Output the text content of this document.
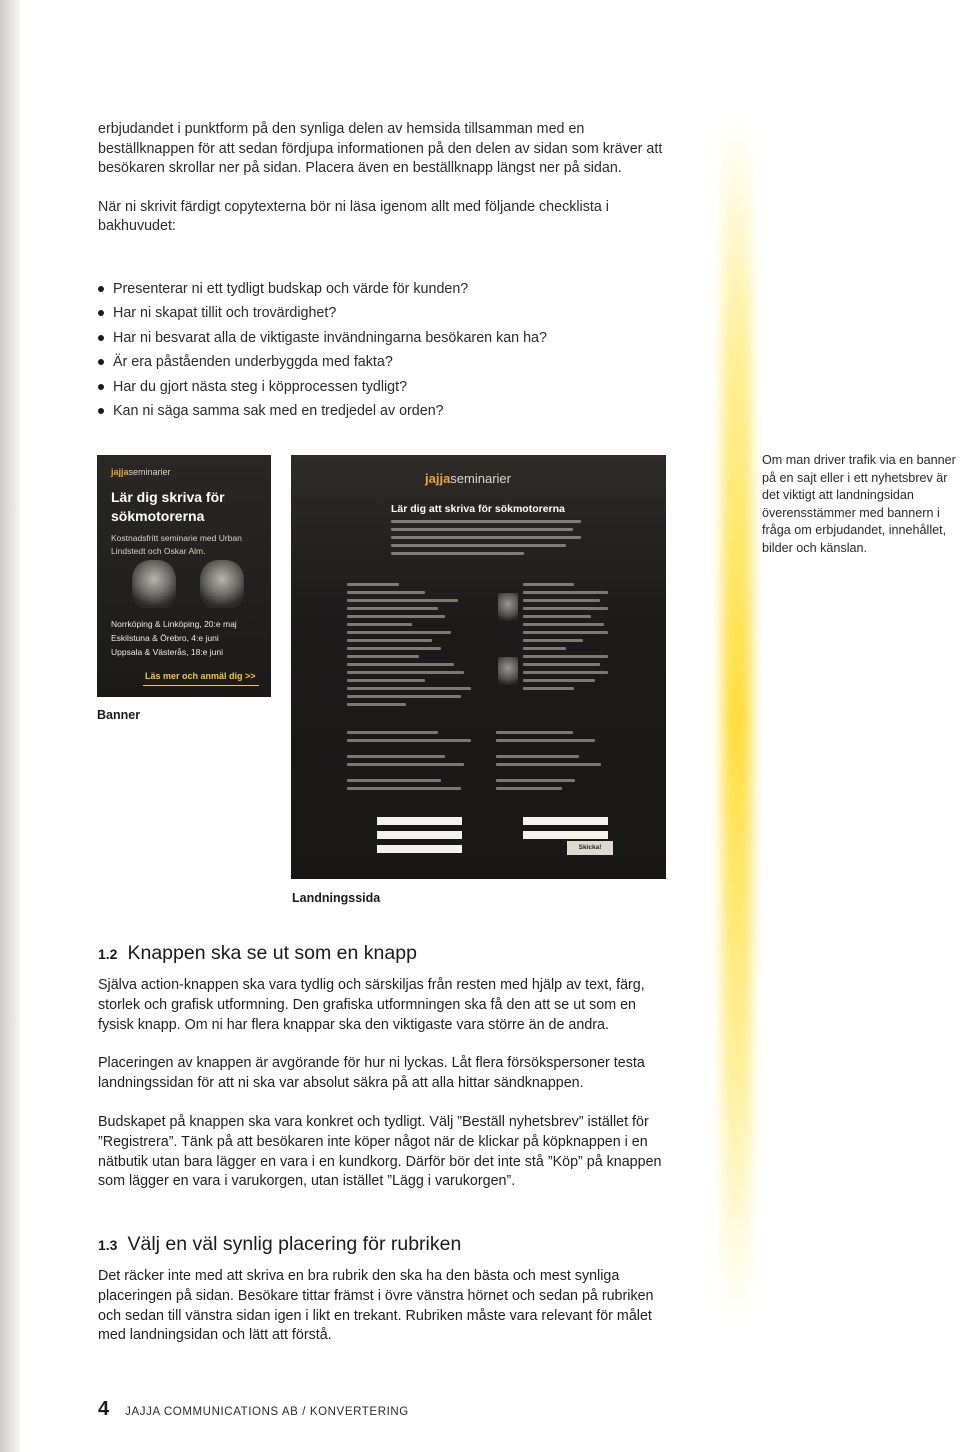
erbjudandet i punktform på den synliga delen av hemsida tillsamman med en beställknappen för att sedan fördjupa informationen på den delen av sidan som kräver att besökaren skrollar ner på sidan. Placera även en beställknapp längst ner på sidan.

När ni skrivit färdigt copytexterna bör ni läsa igenom allt med följande checklista i bakhuvudet:

Presenterar ni ett tydligt budskap och värde för kunden?
Har ni skapat tillit och trovärdighet?
Har ni besvarat alla de viktigaste invändningarna besökaren kan ha?
Är era påståenden underbyggda med fakta?
Har du gjort nästa steg i köpprocessen tydligt?
Kan ni säga samma sak med en tredjedel av orden?
jajjaseminarier
Lär dig skriva för sökmotorerna
Kostnadsfritt seminarie med Urban Lindstedt och Oskar Alm.
Norrköping & Linköping, 20:e maj
Eskilstuna & Örebro, 4:e juni
Uppsala & Västerås, 18:e juni
Läs mer och anmäl dig >>
Banner
jajjaseminarier
Lär dig att skriva för sökmotorerna
Skicka!
Landningssida
Om man driver trafik via en banner på en sajt eller i ett nyhetsbrev är det viktigt att landningsidan överensstämmer med bannern i fråga om erbjudandet, innehållet, bilder och känslan.
1.2 Knappen ska se ut som en knapp

Själva action-knappen ska vara tydlig och särskiljas från resten med hjälp av text, färg, storlek och grafisk utformning. Den grafiska utformningen ska få den att se ut som en fysisk knapp. Om ni har flera knappar ska den viktigaste vara större än de andra.

Placeringen av knappen är avgörande för hur ni lyckas. Låt flera försökspersoner testa landningssidan för att ni ska var absolut säkra på att alla hittar sändknappen.

Budskapet på knappen ska vara konkret och tydligt. Välj ”Beställ nyhetsbrev” istället för ”Registrera”. Tänk på att besökaren inte köper något när de klickar på köpknappen i en nätbutik utan bara lägger en vara i en kundkorg. Därför bör det inte stå ”Köp” på knappen som lägger en vara i varukorgen, utan istället ”Lägg i varukorgen”.

1.3 Välj en väl synlig placering för rubriken

Det räcker inte med att skriva en bra rubrik den ska ha den bästa och mest synliga placeringen på sidan. Besökare tittar främst i övre vänstra hörnet och sedan på rubriken och sedan till vänstra sidan igen i likt en trekant. Rubriken måste vara relevant för målet med landningsidan och lätt att förstå.

4 JAJJA COMMUNICATIONS AB / KONVERTERING
